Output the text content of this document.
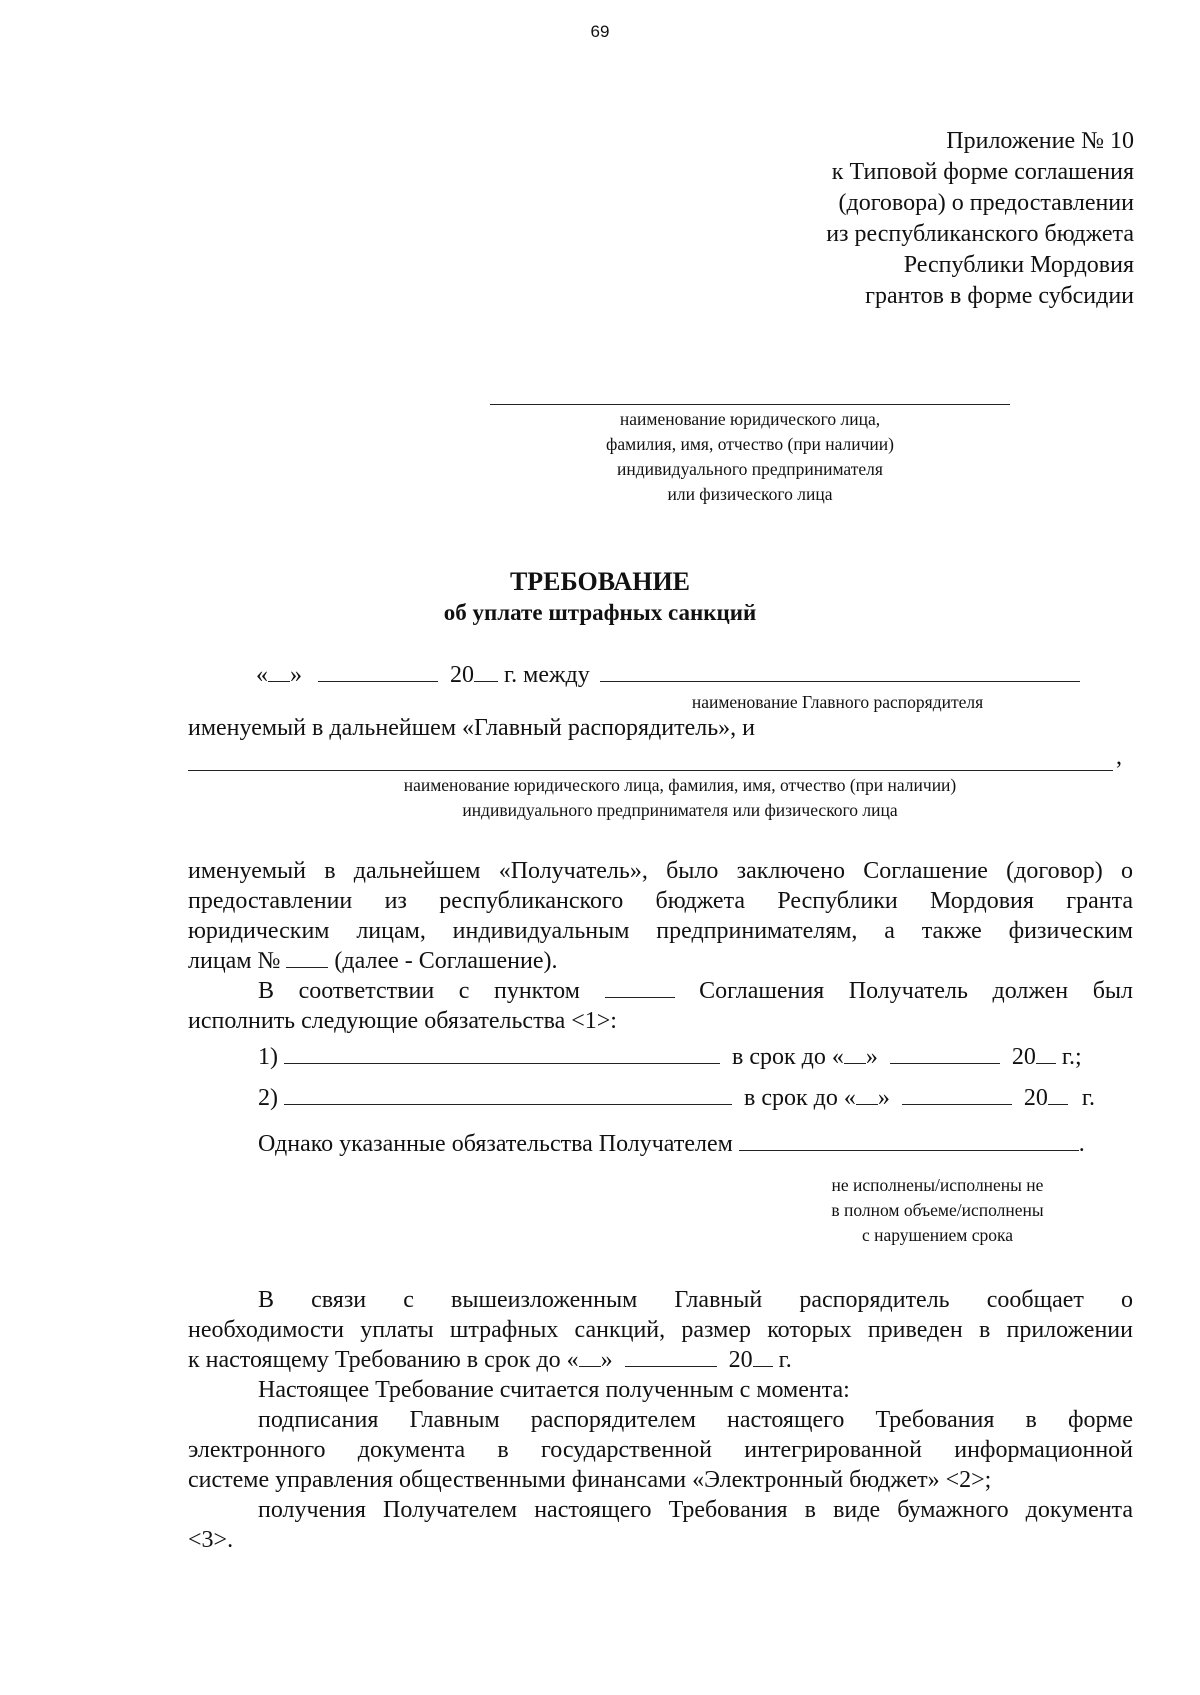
69
Приложение № 10
к Типовой форме соглашения
(договора) о предоставлении
из республиканского бюджета
Республики Мордовия
грантов в форме субсидии
наименование юридического лица,
фамилия, имя, отчество (при наличии)
индивидуального предпринимателя
или физического лица
ТРЕБОВАНИЕ
об уплате штрафных санкций
« »	20 г. между
наименование Главного распорядителя
именуемый в дальнейшем «Главный распорядитель», и
,
наименование юридического лица, фамилия, имя, отчество (при наличии)
индивидуального предпринимателя или физического лица
именуемый в дальнейшем «Получатель», было заключено Соглашение (договор) о
предоставлении из республиканского бюджета Республики Мордовия гранта
юридическим лицам, индивидуальным предпринимателям, а также физическим
лицам № (далее - Соглашение).
В соответствии с пунктом	Соглашения Получатель должен был
исполнить следующие обязательства <1>:
1)	в срок до « »	20 г.;
2)	в срок до « »	20 г.
Однако указанные обязательства Получателем	.
не исполнены/исполнены не
в полном объеме/исполнены
с нарушением срока
В связи с вышеизложенным Главный распорядитель сообщает о
необходимости уплаты штрафных санкций, размер которых приведен в приложении
к настоящему Требованию в срок до « »	20 г.
Настоящее Требование считается полученным с момента:
подписания Главным распорядителем настоящего Требования в форме
электронного документа в государственной интегрированной информационной
системе управления общественными финансами «Электронный бюджет» <2>;
получения Получателем настоящего Требования в виде бумажного документа
<3>.
